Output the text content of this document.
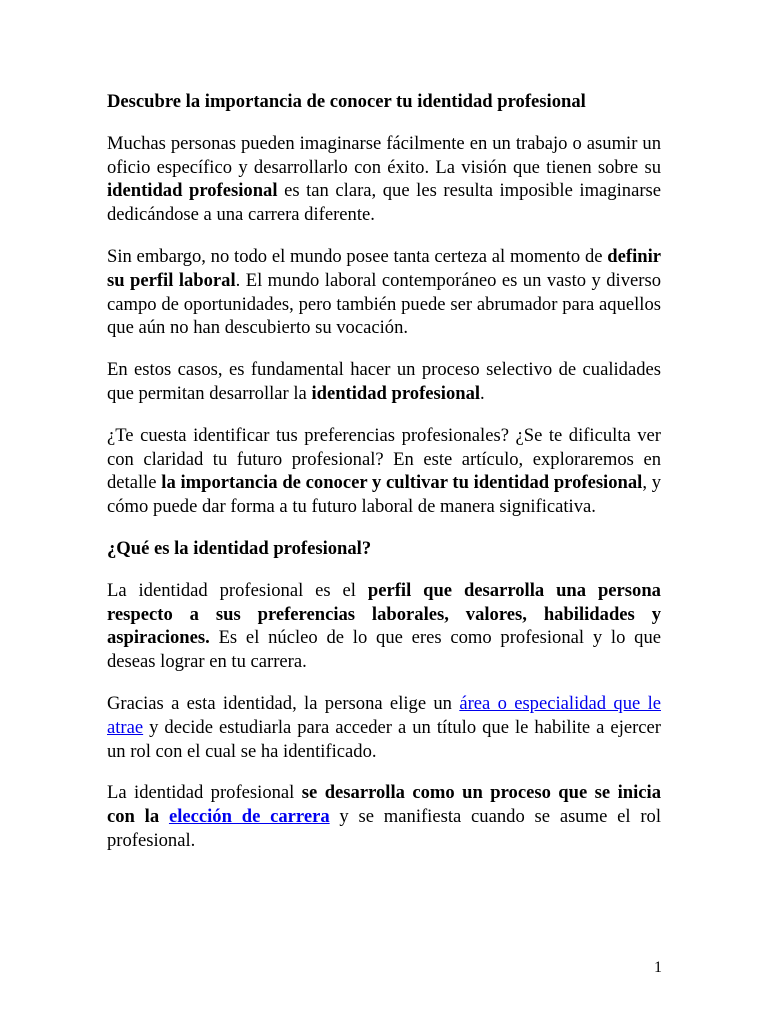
Descubre la importancia de conocer tu identidad profesional

Muchas personas pueden imaginarse fácilmente en un trabajo o asumir un oficio específico y desarrollarlo con éxito. La visión que tienen sobre su identidad profesional es tan clara, que les resulta imposible imaginarse dedicándose a una carrera diferente.

Sin embargo, no todo el mundo posee tanta certeza al momento de definir su perfil laboral. El mundo laboral contemporáneo es un vasto y diverso campo de oportunidades, pero también puede ser abrumador para aquellos que aún no han descubierto su vocación.

En estos casos, es fundamental hacer un proceso selectivo de cualidades que permitan desarrollar la identidad profesional.

¿Te cuesta identificar tus preferencias profesionales? ¿Se te dificulta ver con claridad tu futuro profesional? En este artículo, exploraremos en detalle la importancia de conocer y cultivar tu identidad profesional, y cómo puede dar forma a tu futuro laboral de manera significativa.

¿Qué es la identidad profesional?

La identidad profesional es el perfil que desarrolla una persona respecto a sus preferencias laborales, valores, habilidades y aspiraciones. Es el núcleo de lo que eres como profesional y lo que deseas lograr en tu carrera.

Gracias a esta identidad, la persona elige un área o especialidad que le atrae y decide estudiarla para acceder a un título que le habilite a ejercer un rol con el cual se ha identificado.

La identidad profesional se desarrolla como un proceso que se inicia con la elección de carrera y se manifiesta cuando se asume el rol profesional.

1
